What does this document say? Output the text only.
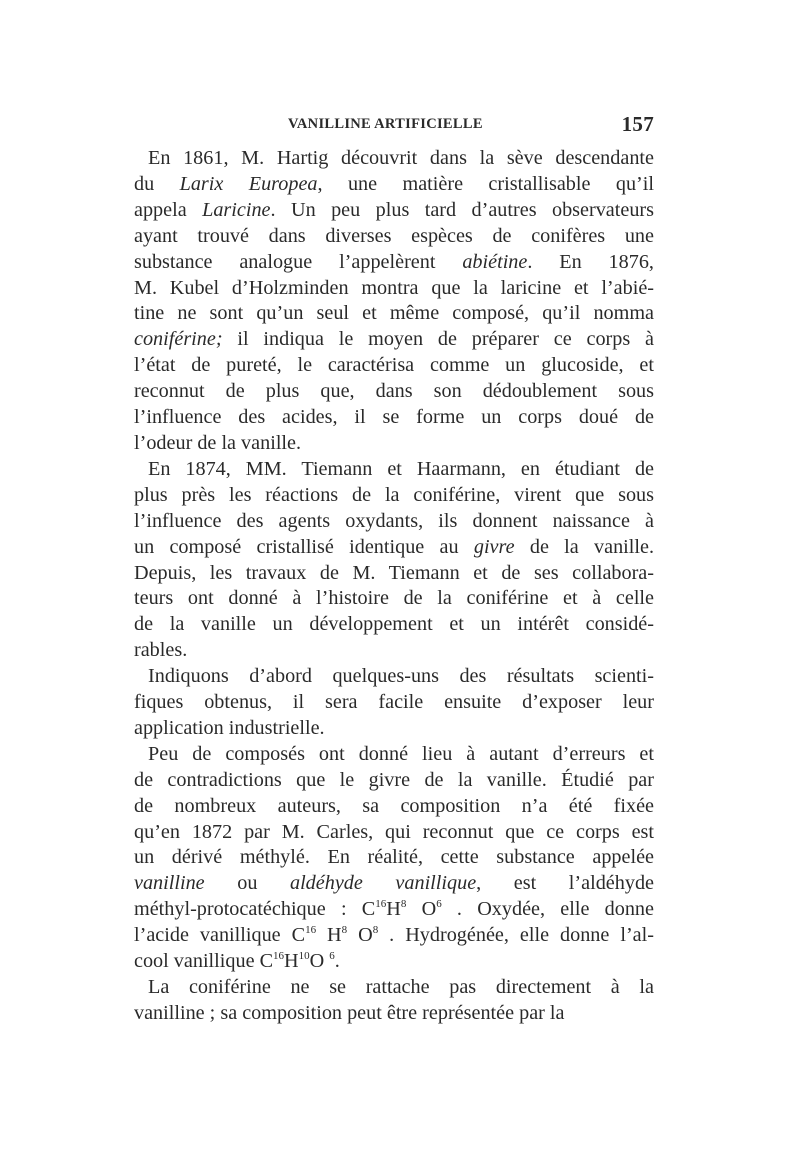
VANILLINE ARTIFICIELLE	157
En 1861, M. Hartig découvrit dans la sève descendante
du Larix Europea, une matière cristallisable qu’il
appela Laricine. Un peu plus tard d’autres observateurs
ayant trouvé dans diverses espèces de conifères une
substance analogue l’appelèrent abiétine. En 1876,
M. Kubel d’Holzminden montra que la laricine et l’abié-
tine ne sont qu’un seul et même composé, qu’il nomma
coniférine; il indiqua le moyen de préparer ce corps à
l’état de pureté, le caractérisa comme un glucoside, et
reconnut de plus que, dans son dédoublement sous
l’influence des acides, il se forme un corps doué de
l’odeur de la vanille.
En 1874, MM. Tiemann et Haarmann, en étudiant de
plus près les réactions de la coniférine, virent que sous
l’influence des agents oxydants, ils donnent naissance à
un composé cristallisé identique au givre de la vanille.
Depuis, les travaux de M. Tiemann et de ses collabora-
teurs ont donné à l’histoire de la coniférine et à celle
de la vanille un développement et un intérêt considé-
rables.
Indiquons d’abord quelques-uns des résultats scienti-
fiques obtenus, il sera facile ensuite d’exposer leur
application industrielle.
Peu de composés ont donné lieu à autant d’erreurs et
de contradictions que le givre de la vanille. Étudié par
de nombreux auteurs, sa composition n’a été fixée
qu’en 1872 par M. Carles, qui reconnut que ce corps est
un dérivé méthylé. En réalité, cette substance appelée
vanilline ou aldéhyde vanillique, est l’aldéhyde
méthyl-protocatéchique : $C^{16}H^8$ $O^6$ . Oxydée, elle donne
l’acide vanillique $C^{16}$ $H^8$ $O^8$ . Hydrogénée, elle donne l’al-
cool vanillique $C^{16}H^{10}O$ $^6$.
La coniférine ne se rattache pas directement à la
vanilline ; sa composition peut être représentée par la
